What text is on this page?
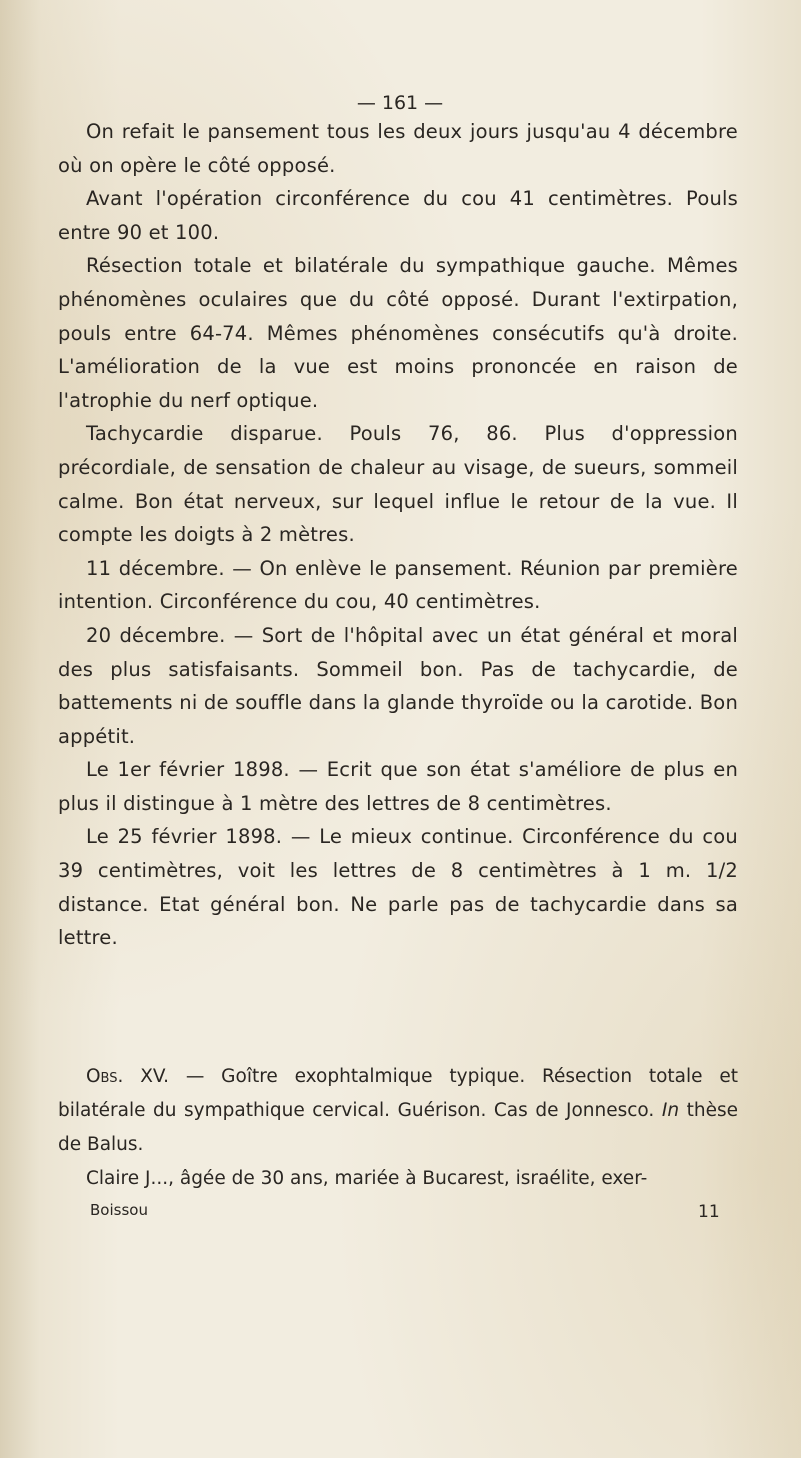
— 161 —

On refait le pansement tous les deux jours jusqu'au 4 décembre où on opère le côté opposé.

Avant l'opération circonférence du cou 41 centimètres. Pouls entre 90 et 100.

Résection totale et bilatérale du sympathique gauche. Mêmes phénomènes oculaires que du côté opposé. Durant l'extirpation, pouls entre 64-74. Mêmes phénomènes consécutifs qu'à droite. L'amélioration de la vue est moins prononcée en raison de l'atrophie du nerf optique.

Tachycardie disparue. Pouls 76, 86. Plus d'oppression précordiale, de sensation de chaleur au visage, de sueurs, sommeil calme. Bon état nerveux, sur lequel influe le retour de la vue. Il compte les doigts à 2 mètres.

11 décembre. — On enlève le pansement. Réunion par première intention. Circonférence du cou, 40 centimètres.

20 décembre. — Sort de l'hôpital avec un état général et moral des plus satisfaisants. Sommeil bon. Pas de tachycardie, de battements ni de souffle dans la glande thyroïde ou la carotide. Bon appétit.

Le 1er février 1898. — Ecrit que son état s'améliore de plus en plus il distingue à 1 mètre des lettres de 8 centimètres.

Le 25 février 1898. — Le mieux continue. Circonférence du cou 39 centimètres, voit les lettres de 8 centimètres à 1 m. 1/2 distance. Etat général bon. Ne parle pas de tachycardie dans sa lettre.

Obs. XV. — Goître exophtalmique typique. Résection totale et bilatérale du sympathique cervical. Guérison. Cas de Jonnesco. In thèse de Balus.

Claire J..., âgée de 30 ans, mariée à Bucarest, israélite, exer-

Boissou	11
